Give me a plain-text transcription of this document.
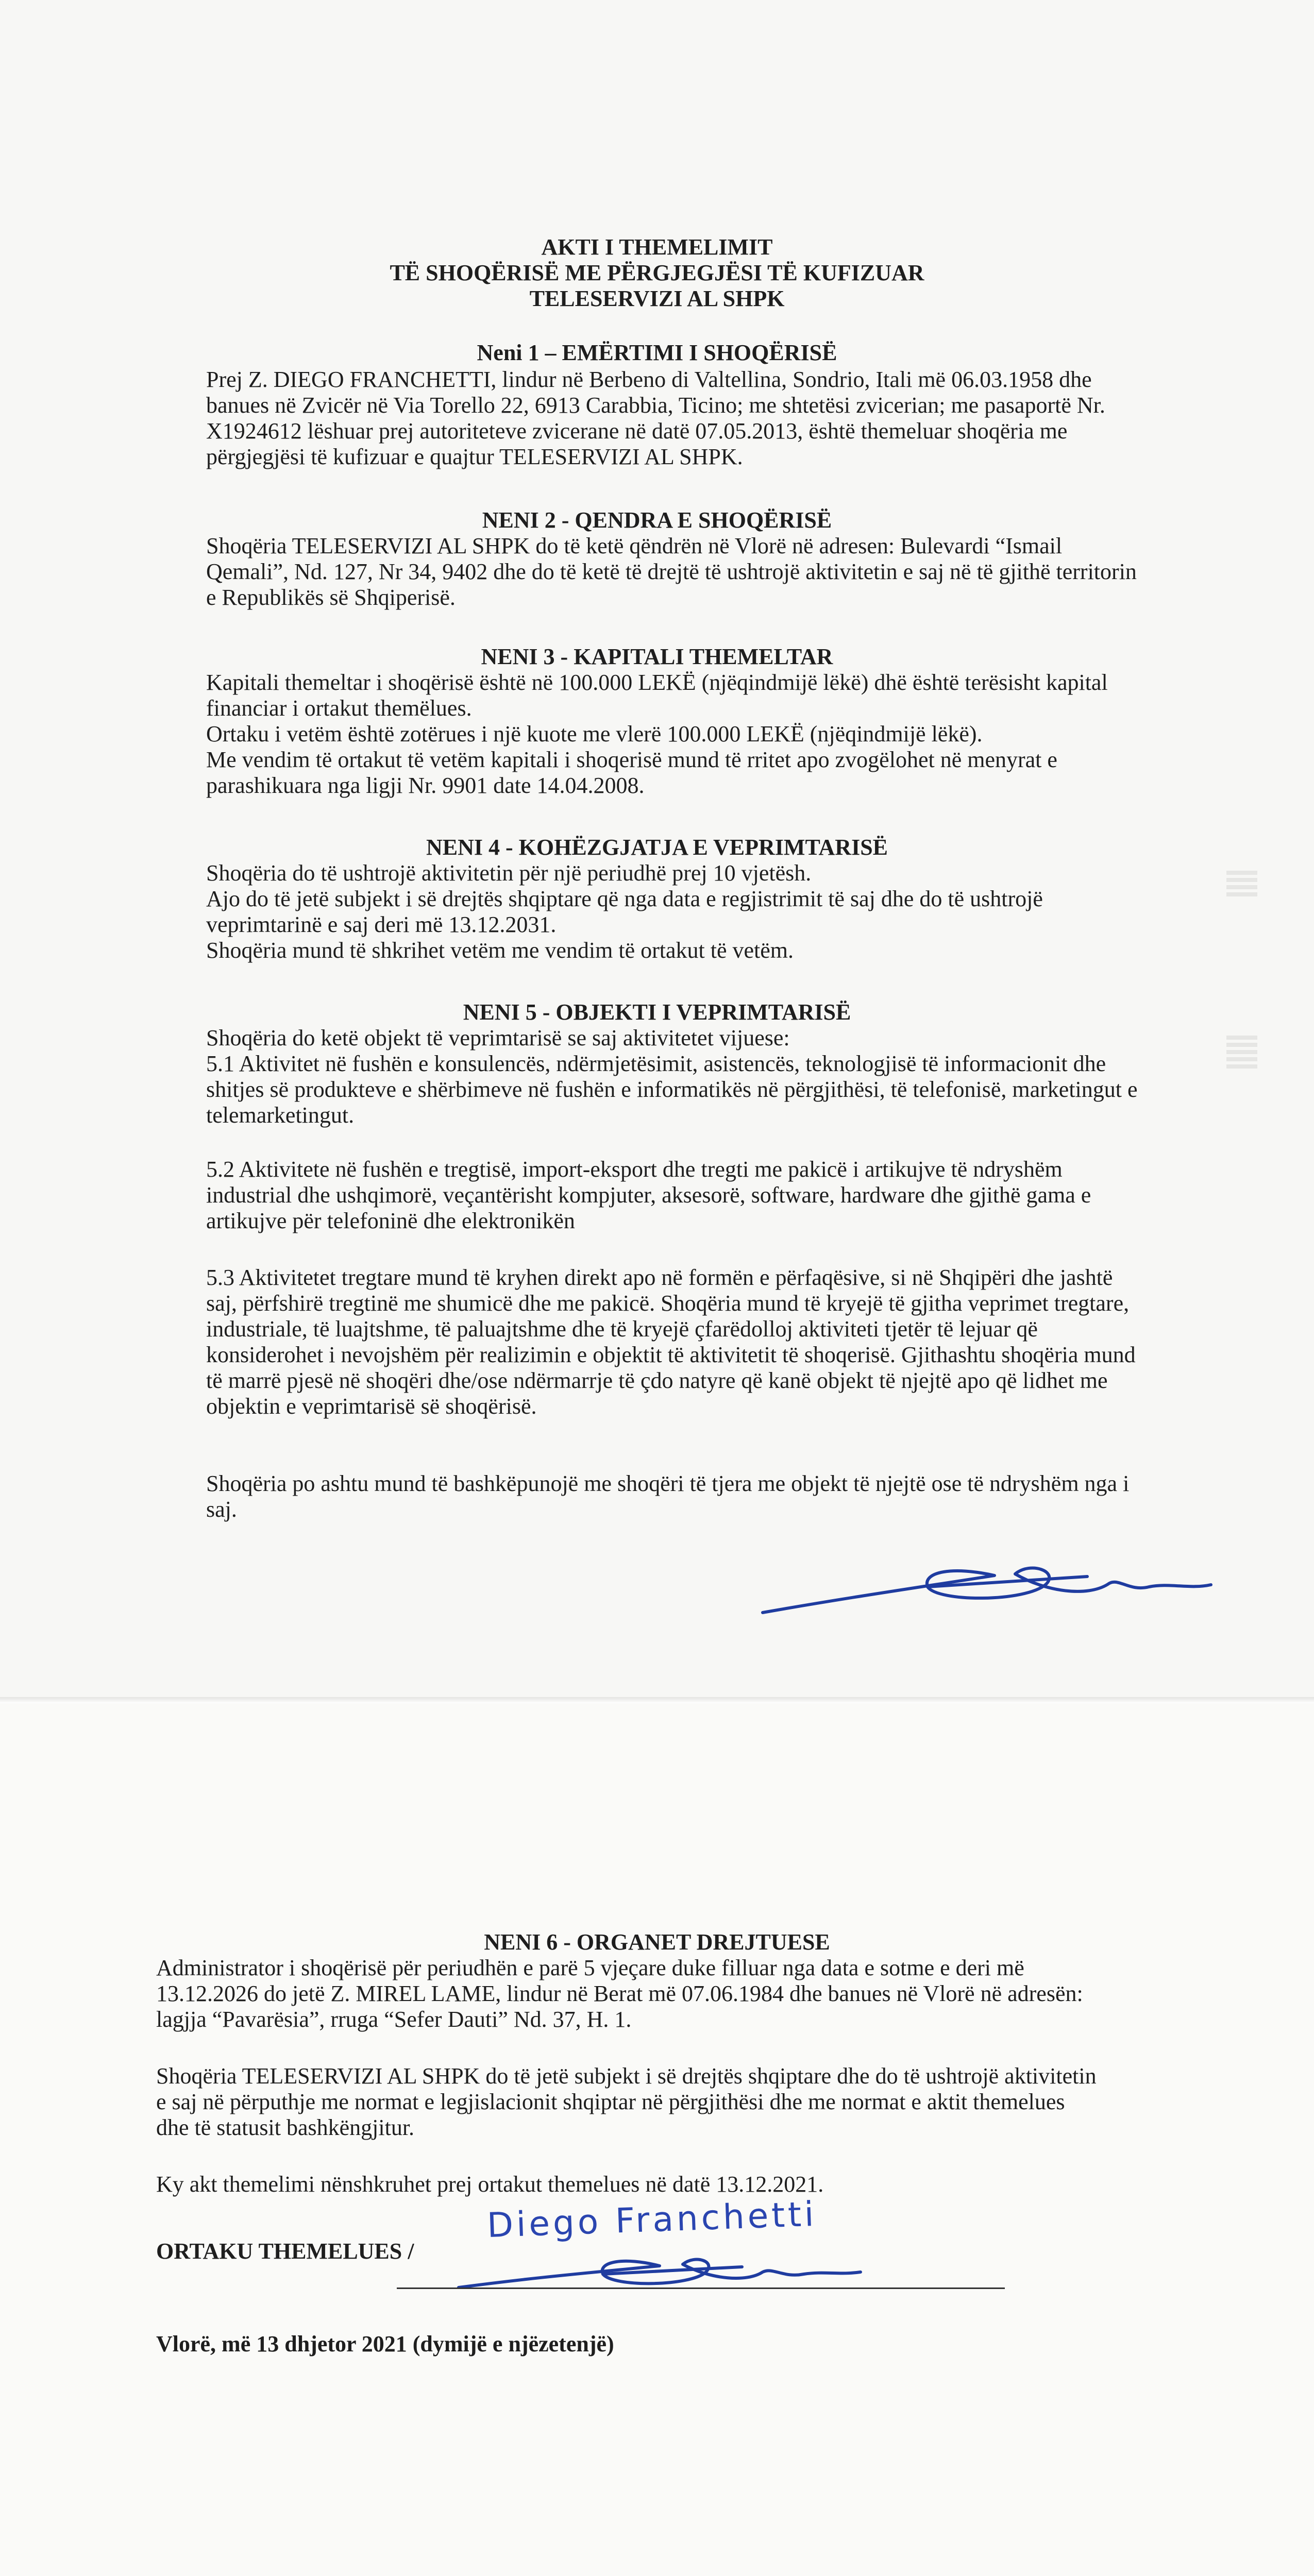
AKTI I THEMELIMIT

TË SHOQËRISË ME PËRGJEGJËSI TË KUFIZUAR

TELESERVIZI AL SHPK

Neni 1 – EMËRTIMI I SHOQËRISË

Prej Z. DIEGO FRANCHETTI, lindur në Berbeno di Valtellina, Sondrio, Itali më 06.03.1958 dhe
banues në Zvicër në Via Torello 22, 6913 Carabbia, Ticino; me shtetësi zvicerian; me pasaportë Nr.
X1924612 lëshuar prej autoriteteve zvicerane në datë 07.05.2013, është themeluar shoqëria me
përgjegjësi të kufizuar e quajtur TELESERVIZI AL SHPK.

NENI 2 - QENDRA E SHOQËRISË

Shoqëria TELESERVIZI AL SHPK do të ketë qëndrën në Vlorë në adresen: Bulevardi “Ismail
Qemali”, Nd. 127, Nr 34, 9402 dhe do të ketë të drejtë të ushtrojë aktivitetin e saj në të gjithë territorin
e Republikës së Shqiperisë.

NENI 3 - KAPITALI THEMELTAR

Kapitali themeltar i shoqërisë është në 100.000 LEKË (njëqindmijë lëkë) dhë është terësisht kapital
financiar i ortakut themëlues.
Ortaku i vetëm është zotërues i një kuote me vlerë 100.000 LEKË (njëqindmijë lëkë).
Me vendim të ortakut të vetëm kapitali i shoqerisë mund të rritet apo zvogëlohet në menyrat e
parashikuara nga ligji Nr. 9901 date 14.04.2008.

NENI 4 - KOHËZGJATJA E VEPRIMTARISË

Shoqëria do të ushtrojë aktivitetin për një periudhë prej 10 vjetësh.
Ajo do të jetë subjekt i së drejtës shqiptare që nga data e regjistrimit të saj dhe do të ushtrojë
veprimtarinë e saj deri më 13.12.2031.
Shoqëria mund të shkrihet vetëm me vendim të ortakut të vetëm.

NENI 5 - OBJEKTI I VEPRIMTARISË

Shoqëria do ketë objekt të veprimtarisë se saj aktivitetet vijuese:
5.1 Aktivitet në fushën e konsulencës, ndërmjetësimit, asistencës, teknologjisë të informacionit dhe
shitjes së produkteve e shërbimeve në fushën e informatikës në përgjithësi, të telefonisë, marketingut e
telemarketingut.

5.2 Aktivitete në fushën e tregtisë, import-eksport dhe tregti me pakicë i artikujve të ndryshëm
industrial dhe ushqimorë, veçantërisht kompjuter, aksesorë, software, hardware dhe gjithë gama e
artikujve për telefoninë dhe elektronikën

5.3 Aktivitetet tregtare mund të kryhen direkt apo në formën e përfaqësive, si në Shqipëri dhe jashtë
saj, përfshirë tregtinë me shumicë dhe me pakicë. Shoqëria mund të kryejë të gjitha veprimet tregtare,
industriale, të luajtshme, të paluajtshme dhe të kryejë çfarëdolloj aktiviteti tjetër të lejuar që
konsiderohet i nevojshëm për realizimin e objektit të aktivitetit të shoqerisë. Gjithashtu shoqëria mund
të marrë pjesë në shoqëri dhe/ose ndërmarrje të çdo natyre që kanë objekt të njejtë apo që lidhet me
objektin e veprimtarisë së shoqërisë.

Shoqëria po ashtu mund të bashkëpunojë me shoqëri të tjera me objekt të njejtë ose të ndryshëm nga i
saj.

NENI 6 - ORGANET DREJTUESE

Administrator i shoqërisë për periudhën e parë 5 vjeçare duke filluar nga data e sotme e deri më
13.12.2026 do jetë Z. MIREL LAME, lindur në Berat më 07.06.1984 dhe banues në Vlorë në adresën:
lagjja “Pavarësia”, rruga “Sefer Dauti” Nd. 37, H. 1.

Shoqëria TELESERVIZI AL SHPK do të jetë subjekt i së drejtës shqiptare dhe do të ushtrojë aktivitetin
e saj në përputhje me normat e legjislacionit shqiptar në përgjithësi dhe me normat e aktit themelues
dhe të statusit bashkëngjitur.

Ky akt themelimi nënshkruhet prej ortakut themelues në datë 13.12.2021.

Diego Franchetti
ORTAKU THEMELUES /
Vlorë, më 13 dhjetor 2021 (dymijë e njëzetenjë)
